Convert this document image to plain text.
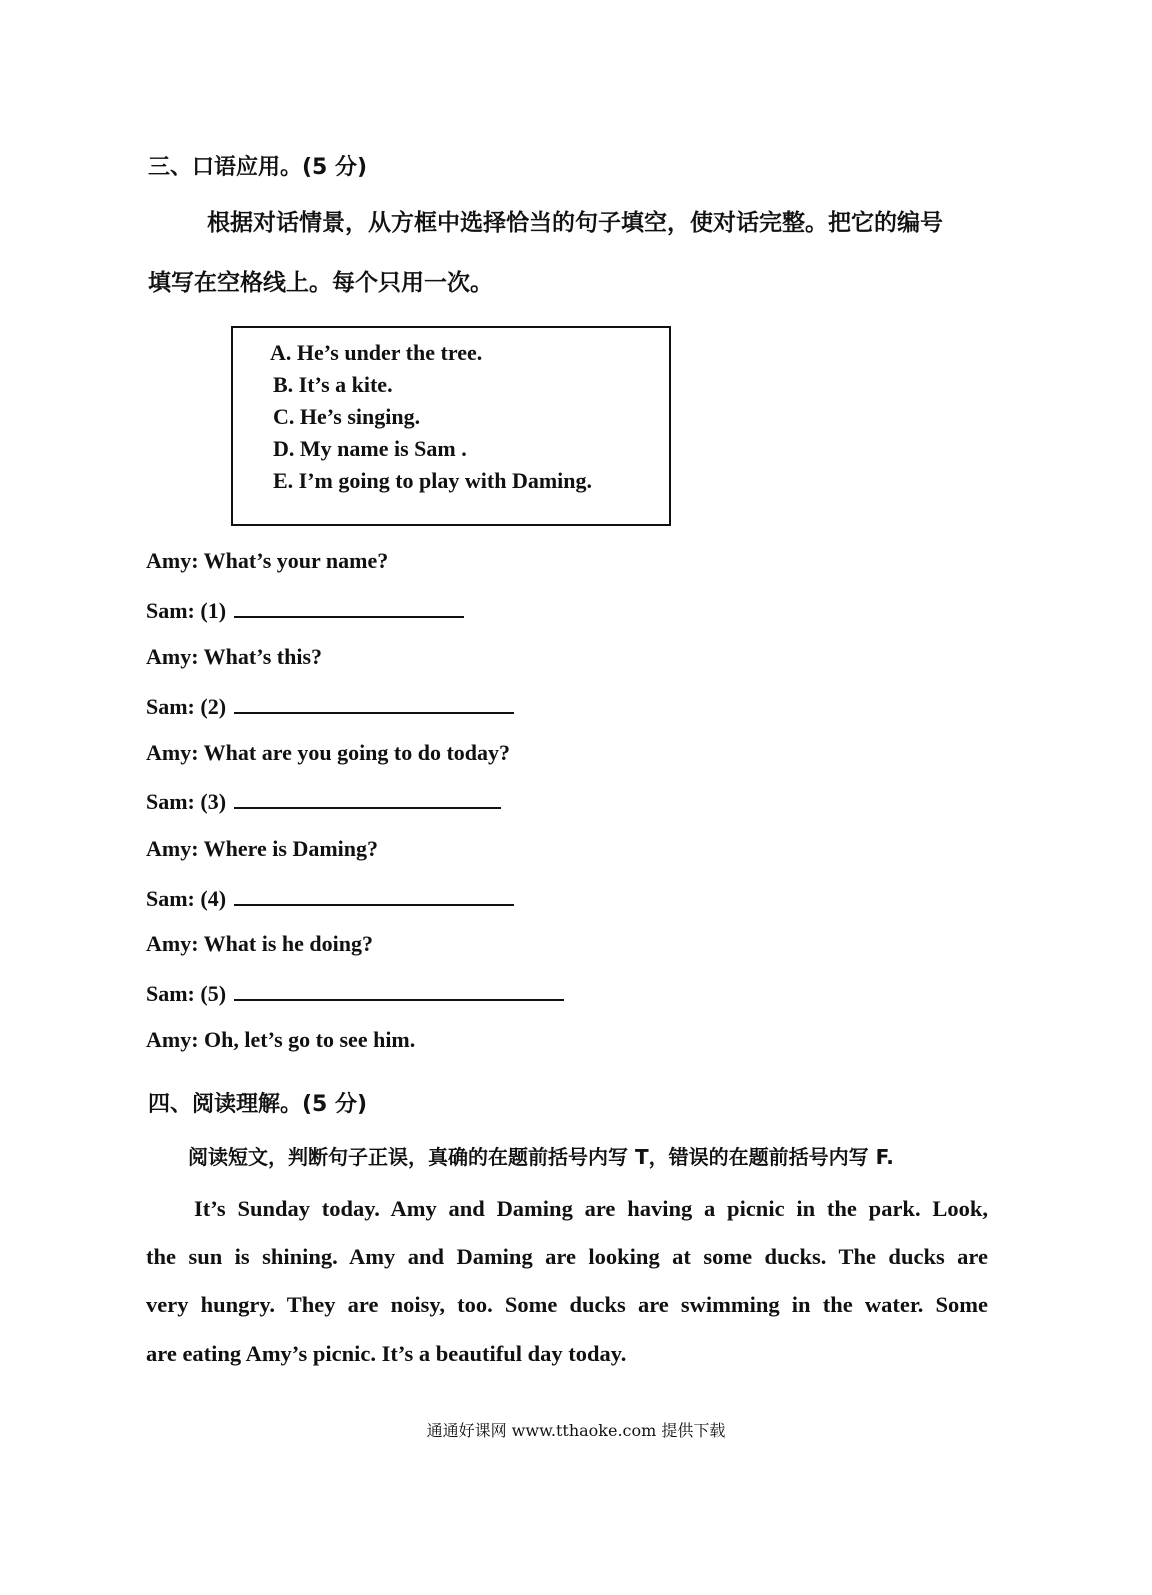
三、口语应用。(5 分)
根据对话情景，从方框中选择恰当的句子填空，使对话完整。把它的编号
填写在空格线上。每个只用一次。
A. He’s under the tree.
B. It’s a kite.
C. He’s singing.
D. My name is Sam .
E. I’m going to play with Daming.
Amy: What’s your name?
Sam: (1)
Amy: What’s this?
Sam: (2)
Amy: What are you going to do today?
Sam: (3)
Amy: Where is Daming?
Sam: (4)
Amy: What is he doing?
Sam: (5)
Amy: Oh, let’s go to see him.
四、阅读理解。(5 分)
阅读短文，判断句子正误，真确的在题前括号内写 T，错误的在题前括号内写 F.
It’s Sunday today. Amy and Daming are having a picnic in the park. Look,
the sun is shining. Amy and Daming are looking at some ducks. The ducks are
very hungry. They are noisy, too. Some ducks are swimming in the water. Some
are eating Amy’s picnic. It’s a beautiful day today.
通通好课网 www.tthaoke.com 提供下载
